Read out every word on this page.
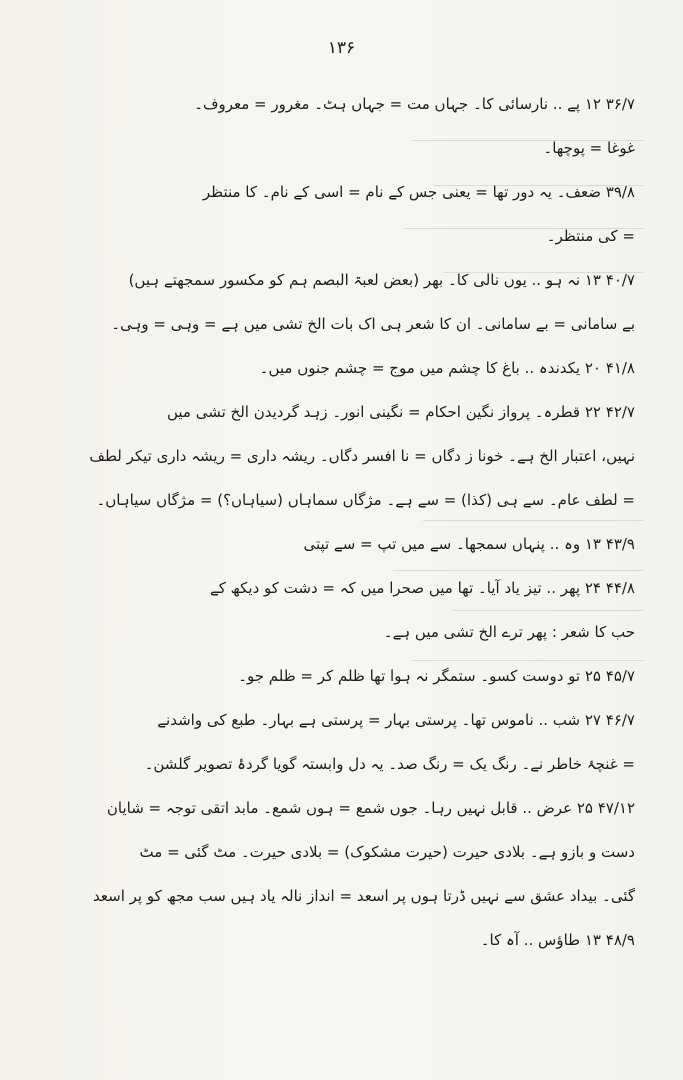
۱۳۶
۳۶/۷ ۱۲ پے .. نارسائی کا۔ جہاں مت = جہاں ہٹ۔ مغرور = معروف۔
غوغا = پوچھا۔
۳۹/۸ ضعف۔ یہ دور تھا = یعنی جس کے نام = اسی کے نام۔ کا منتظر
= کی منتظر۔
۴۰/۷ ۱۳ نہ ہو .. یوں نالی کا۔ بھر (بعض لعبۃ البصم ہم کو مکسور سمجھتے ہیں)
بے سامانی = بے سامانی۔ ان کا شعر ہی اک بات الخ تشی میں ہے = وہی = وہی۔
۴۱/۸ ۲۰ یکدندہ .. باغ کا چشم میں موج = چشم جنوں میں۔
۴۲/۷ ۲۲ قطرہ۔ پرواز نگین احکام = نگینی انور۔ زہد گردیدن الخ تشی میں
نہیں، اعتبار الخ ہے۔ خونا ز دگاں = نا افسر دگاں۔ ریشہ داری = ریشہ داری تیکر لطف
= لطف عام۔ سے ہی (کذا) = سے ہے۔ مژگاں سماہاں (سیاہاں؟) = مژگاں سیاہاں۔
۴۳/۹ ۱۳ وہ .. پنہاں سمجھا۔ سے میں تپ = سے تپتی
۴۴/۸ ۲۴ پھر .. تیز یاد آیا۔ تھا میں صحرا میں کہ = دشت کو دیکھ کے
حب کا شعر : پھر ترے الخ تشی میں ہے۔
۴۵/۷ ۲۵ تو دوست کسو۔ ستمگر نہ ہوا تھا ظلم کر = ظلم جو۔
۴۶/۷ ۲۷ شب .. ناموس تھا۔ پرستی بہار = پرستی ہے بہار۔ طبع کی واشدنے
= غنچۂ خاطر نے۔ رنگ یک = رنگ صد۔ یہ دل وابستہ گویا گردۂ تصویر گلشن۔
۴۷/۱۲ ۲۵ عرض .. قابل نہیں رہا۔ جوں شمع = ہوں شمع۔ مابد اتقی توجہ = شایان
دست و بازو ہے۔ بلادی حیرت (حیرت مشکوک) = بلادی حیرت۔ مٹ گئی = مٹ
گئی۔ بیداد عشق سے نہیں ڈرتا ہوں پر اسعد = انداز نالہ یاد ہیں سب مجھ کو پر اسعد
۴۸/۹ ۱۳ طاؤس .. آہ کا۔
